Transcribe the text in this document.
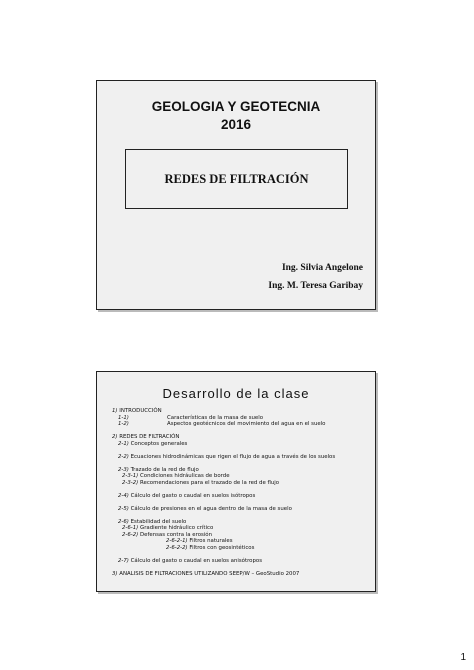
GEOLOGIA Y GEOTECNIA
2016
REDES DE FILTRACIÓN
Ing. Silvia Angelone
Ing. M. Teresa Garibay
Desarrollo de la clase
1) INTRODUCCIÓN
1-1)	Características de la masa de suelo
1-2)	Aspectos geotécnicos del movimiento del agua en el suelo
2) REDES DE FILTRACIÓN
2-1) Conceptos generales
2-2) Ecuaciones hidrodinámicas que rigen el flujo de agua a través de los suelos
2-3) Trazado de la red de flujo
2-3-1) Condiciones hidráulicas de borde
2-3-2) Recomendaciones para el trazado de la red de flujo
2-4) Cálculo del gasto o caudal en suelos isótropos
2-5) Cálculo de presiones en el agua dentro de la masa de suelo
2-6) Estabilidad del suelo
2-6-1) Gradiente hidráulico crítico
2-6-2) Defensas contra la erosión
2-6-2-1) Filtros naturales
2-6-2-2) Filtros con geosintéticos
2-7) Cálculo del gasto o caudal en suelos anisótropos
3) ANALISIS DE FILTRACIONES UTILIZANDO SEEP/W – GeoStudio 2007
1
